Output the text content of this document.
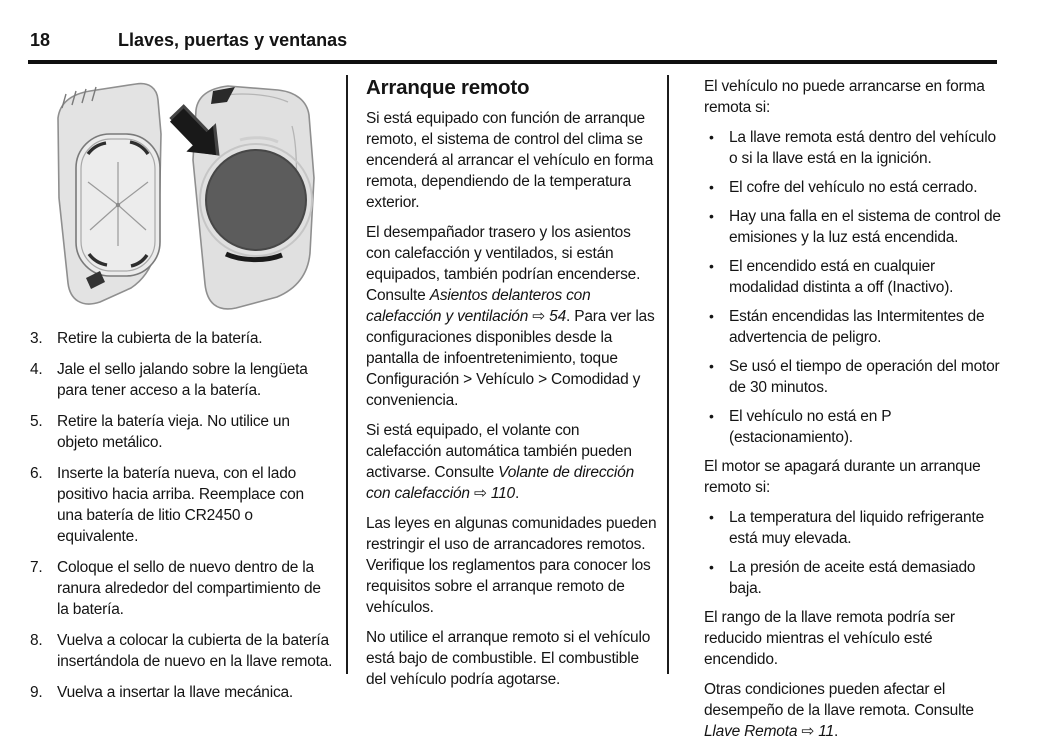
18	Llaves, puertas y ventanas
3. Retire la cubierta de la batería.
4. Jale el sello jalando sobre la lengüeta para tener acceso a la batería.
5. Retire la batería vieja. No utilice un objeto metálico.
6. Inserte la batería nueva, con el lado positivo hacia arriba. Reemplace con una batería de litio CR2450 o equivalente.
7. Coloque el sello de nuevo dentro de la ranura alrededor del compartimiento de la batería.
8. Vuelva a colocar la cubierta de la batería insertándola de nuevo en la llave remota.
9. Vuelva a insertar la llave mecánica.
Arranque remoto

Si está equipado con función de arranque remoto, el sistema de control del clima se encenderá al arrancar el vehículo en forma remota, dependiendo de la temperatura exterior.

El desempañador trasero y los asientos con calefacción y ventilados, si están equipados, también podrían encenderse. Consulte Asientos delanteros con calefacción y ventilación ⇨ 54. Para ver las configuraciones disponibles desde la pantalla de infoentretenimiento, toque Configuración > Vehículo > Comodidad y conveniencia.

Si está equipado, el volante con calefacción automática también pueden activarse. Consulte Volante de dirección con calefacción ⇨ 110.

Las leyes en algunas comunidades pueden restringir el uso de arrancadores remotos. Verifique los reglamentos para conocer los requisitos sobre el arranque remoto de vehículos.

No utilice el arranque remoto si el vehículo está bajo de combustible. El combustible del vehículo podría agotarse.

El vehículo no puede arrancarse en forma remota si:

• La llave remota está dentro del vehículo o si la llave está en la ignición.
• El cofre del vehículo no está cerrado.
• Hay una falla en el sistema de control de emisiones y la luz está encendida.
• El encendido está en cualquier modalidad distinta a off (Inactivo).
• Están encendidas las Intermitentes de advertencia de peligro.
• Se usó el tiempo de operación del motor de 30 minutos.
• El vehículo no está en P (estacionamiento).

El motor se apagará durante un arranque remoto si:

• La temperatura del liquido refrigerante está muy elevada.
• La presión de aceite está demasiado baja.

El rango de la llave remota podría ser reducido mientras el vehículo esté encendido.

Otras condiciones pueden afectar el desempeño de la llave remota. Consulte Llave Remota ⇨ 11.
